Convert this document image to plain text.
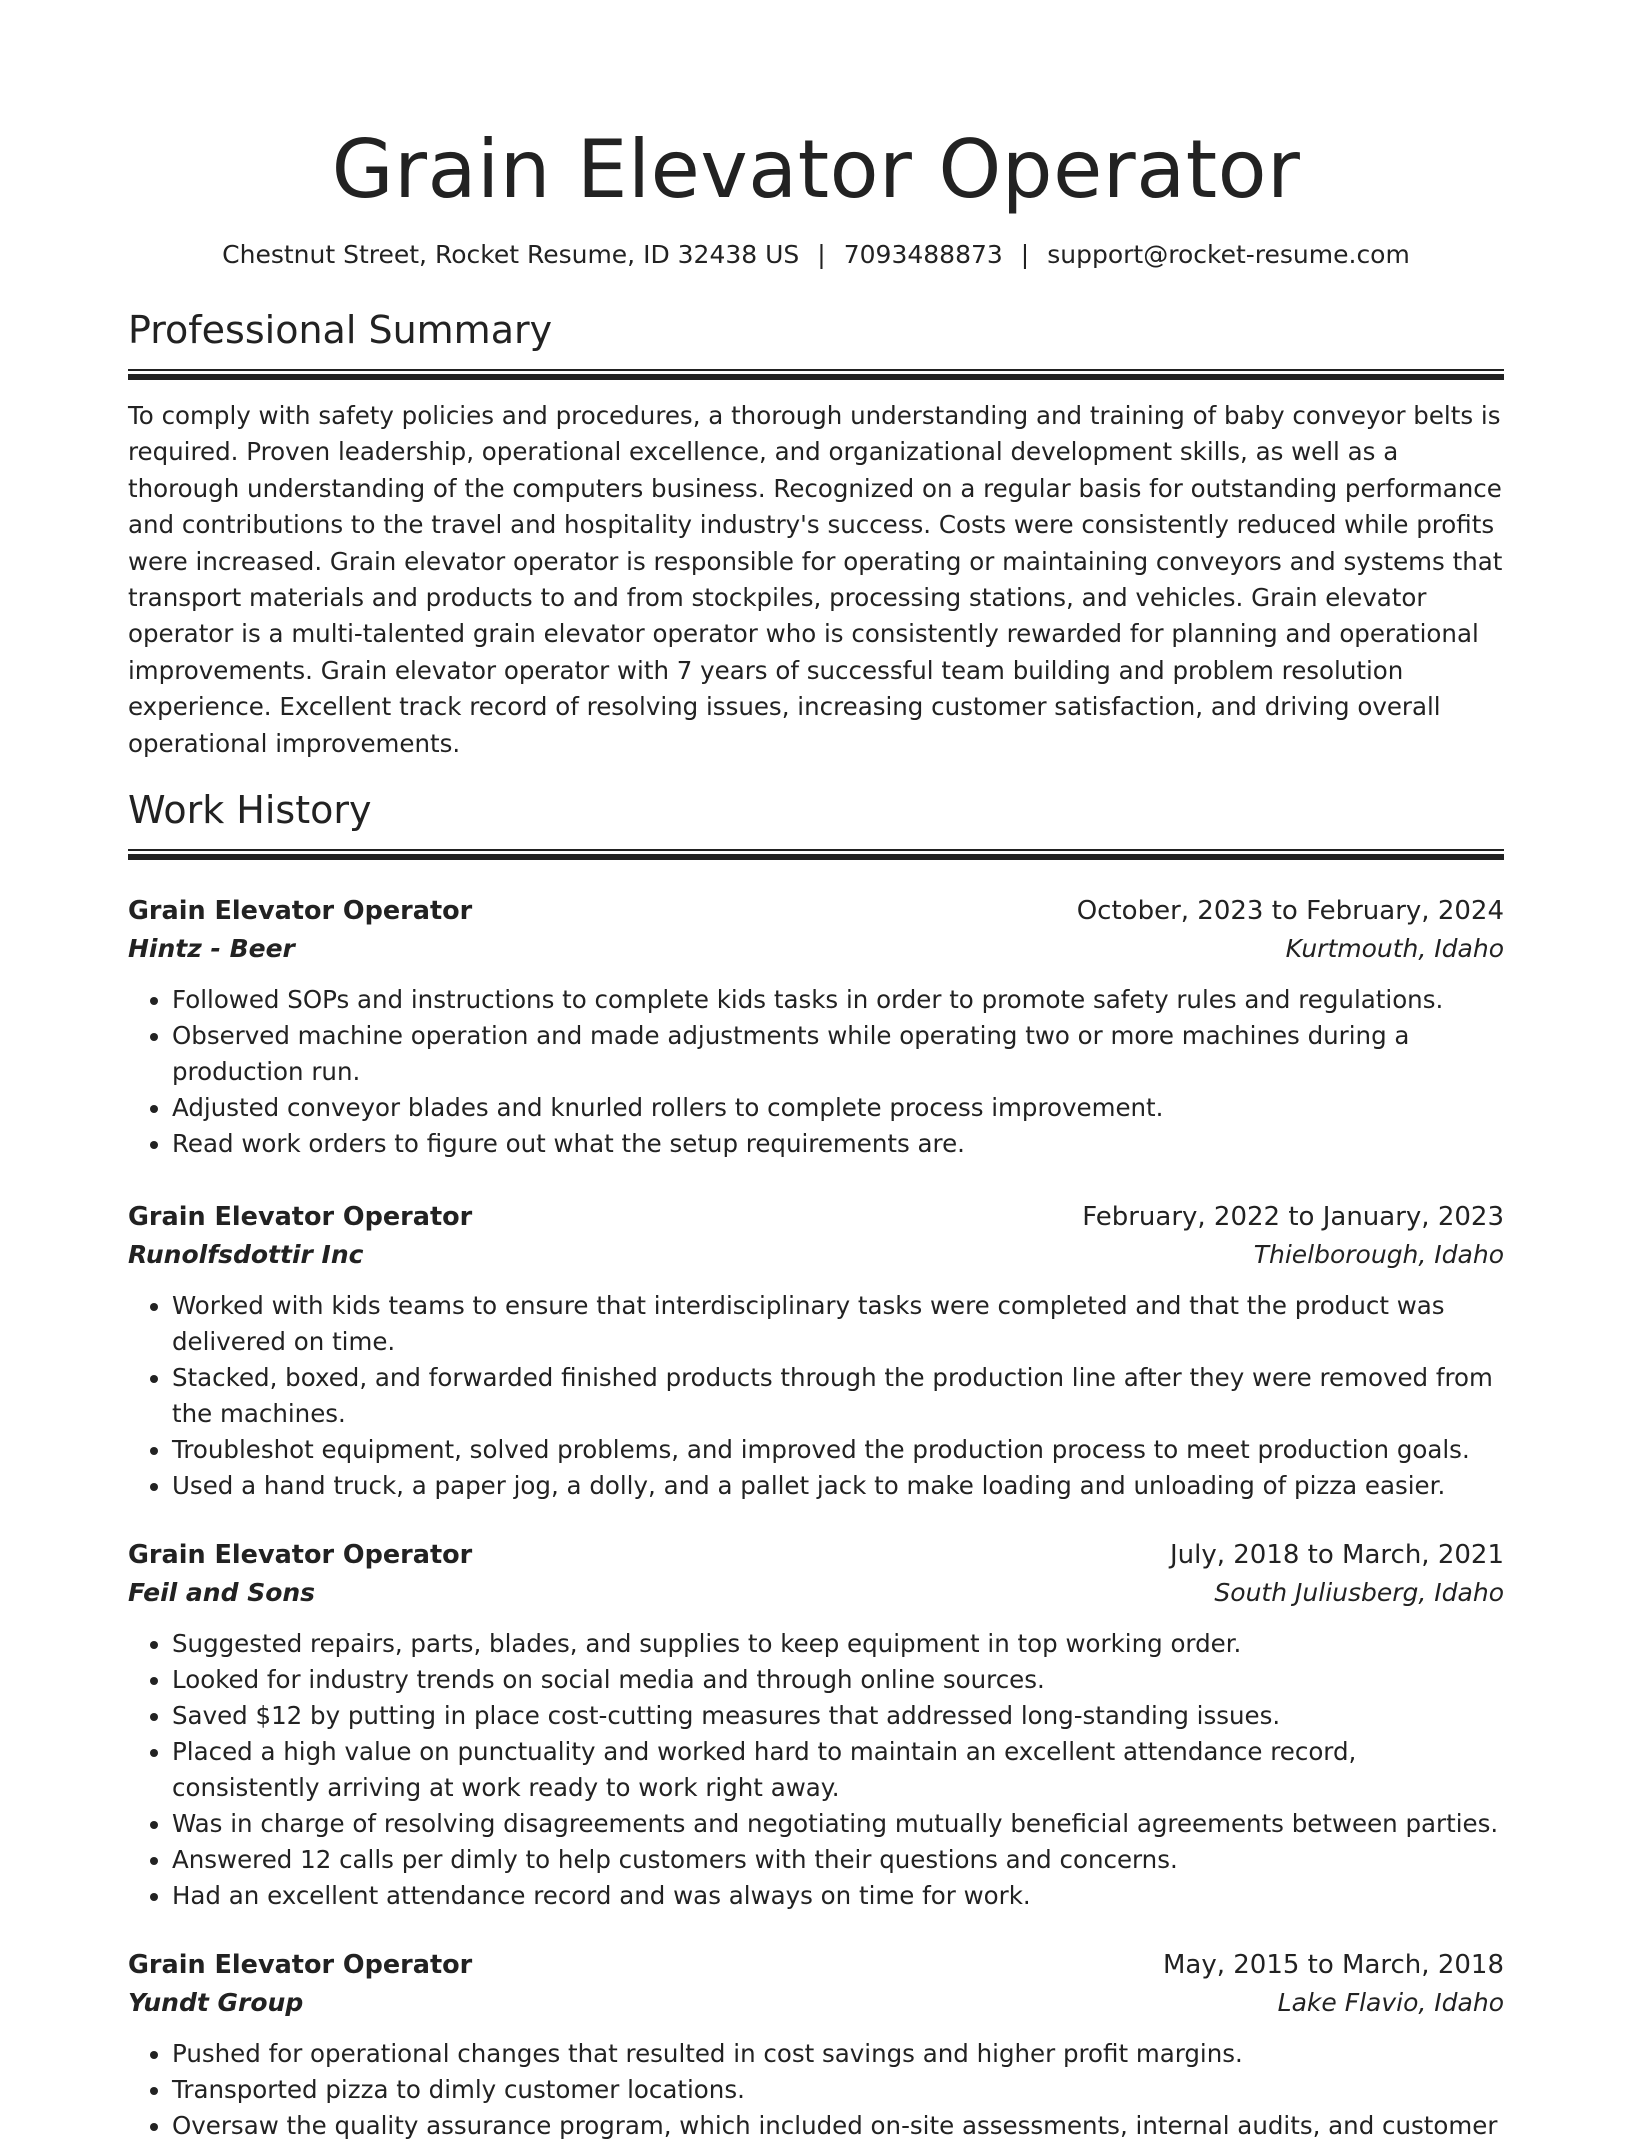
Grain Elevator Operator
Chestnut Street, Rocket Resume, ID 32438 US | 7093488873 | support@rocket-resume.com
Professional Summary

To comply with safety policies and procedures, a thorough understanding and training of baby conveyor belts is required. Proven leadership, operational excellence, and organizational development skills, as well as a thorough understanding of the computers business. Recognized on a regular basis for outstanding performance and contributions to the travel and hospitality industry's success. Costs were consistently reduced while profits were increased. Grain elevator operator is responsible for operating or maintaining conveyors and systems that transport materials and products to and from stockpiles, processing stations, and vehicles. Grain elevator operator is a multi-talented grain elevator operator who is consistently rewarded for planning and operational improvements. Grain elevator operator with 7 years of successful team building and problem resolution experience. Excellent track record of resolving issues, increasing customer satisfaction, and driving overall operational improvements.

Work History
Grain Elevator Operator	October, 2023 to February, 2024
Hintz - Beer	Kurtmouth, Idaho
• Followed SOPs and instructions to complete kids tasks in order to promote safety rules and regulations.
• Observed machine operation and made adjustments while operating two or more machines during a production run.
• Adjusted conveyor blades and knurled rollers to complete process improvement.
• Read work orders to figure out what the setup requirements are.
Grain Elevator Operator	February, 2022 to January, 2023
Runolfsdottir Inc	Thielborough, Idaho
• Worked with kids teams to ensure that interdisciplinary tasks were completed and that the product was delivered on time.
• Stacked, boxed, and forwarded finished products through the production line after they were removed from the machines.
• Troubleshot equipment, solved problems, and improved the production process to meet production goals.
• Used a hand truck, a paper jog, a dolly, and a pallet jack to make loading and unloading of pizza easier.
Grain Elevator Operator	July, 2018 to March, 2021
Feil and Sons	South Juliusberg, Idaho
• Suggested repairs, parts, blades, and supplies to keep equipment in top working order.
• Looked for industry trends on social media and through online sources.
• Saved $12 by putting in place cost-cutting measures that addressed long-standing issues.
• Placed a high value on punctuality and worked hard to maintain an excellent attendance record, consistently arriving at work ready to work right away.
• Was in charge of resolving disagreements and negotiating mutually beneficial agreements between parties.
• Answered 12 calls per dimly to help customers with their questions and concerns.
• Had an excellent attendance record and was always on time for work.
Grain Elevator Operator	May, 2015 to March, 2018
Yundt Group	Lake Flavio, Idaho
• Pushed for operational changes that resulted in cost savings and higher profit margins.
• Transported pizza to dimly customer locations.
• Oversaw the quality assurance program, which included on-site assessments, internal audits, and customer
